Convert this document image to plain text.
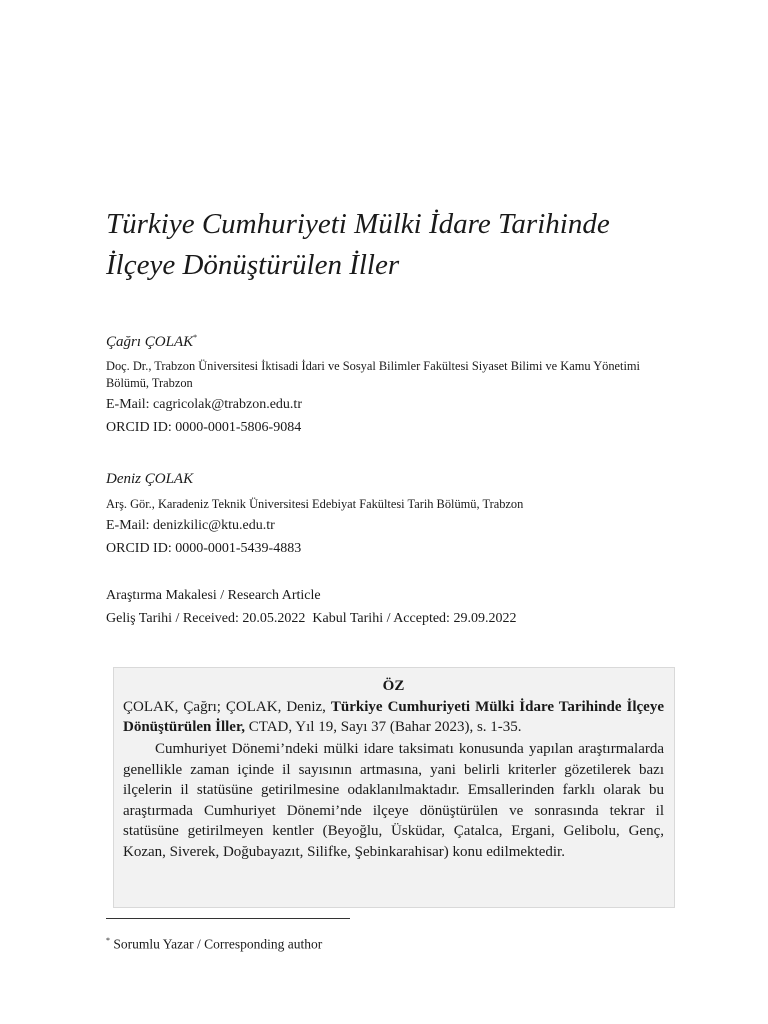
Türkiye Cumhuriyeti Mülki İdare Tarihinde
İlçeye Dönüştürülen İller
Çağrı ÇOLAK*
Doç. Dr., Trabzon Üniversitesi İktisadi İdari ve Sosyal Bilimler Fakültesi Siyaset Bilimi ve Kamu Yönetimi Bölümü, Trabzon
E-Mail: cagricolak@trabzon.edu.tr
ORCID ID: 0000-0001-5806-9084
Deniz ÇOLAK
Arş. Gör., Karadeniz Teknik Üniversitesi Edebiyat Fakültesi Tarih Bölümü, Trabzon
E-Mail: denizkilic@ktu.edu.tr
ORCID ID: 0000-0001-5439-4883
Araştırma Makalesi / Research Article
Geliş Tarihi / Received: 20.05.2022  Kabul Tarihi / Accepted: 29.09.2022
ÖZ
ÇOLAK, Çağrı; ÇOLAK, Deniz, Türkiye Cumhuriyeti Mülki İdare Tarihinde İlçeye Dönüştürülen İller, CTAD, Yıl 19, Sayı 37 (Bahar 2023), s. 1-35.
Cumhuriyet Dönemi’ndeki mülki idare taksimatı konusunda yapılan araştırmalarda genellikle zaman içinde il sayısının artmasına, yani belirli kriterler gözetilerek bazı ilçelerin il statüsüne getirilmesine odaklanılmaktadır. Emsallerinden farklı olarak bu araştırmada Cumhuriyet Dönemi’nde ilçeye dönüştürülen ve sonrasında tekrar il statüsüne getirilmeyen kentler (Beyoğlu, Üsküdar, Çatalca, Ergani, Gelibolu, Genç, Kozan, Siverek, Doğubayazıt, Silifke, Şebinkarahisar) konu edilmektedir.
* Sorumlu Yazar / Corresponding author
